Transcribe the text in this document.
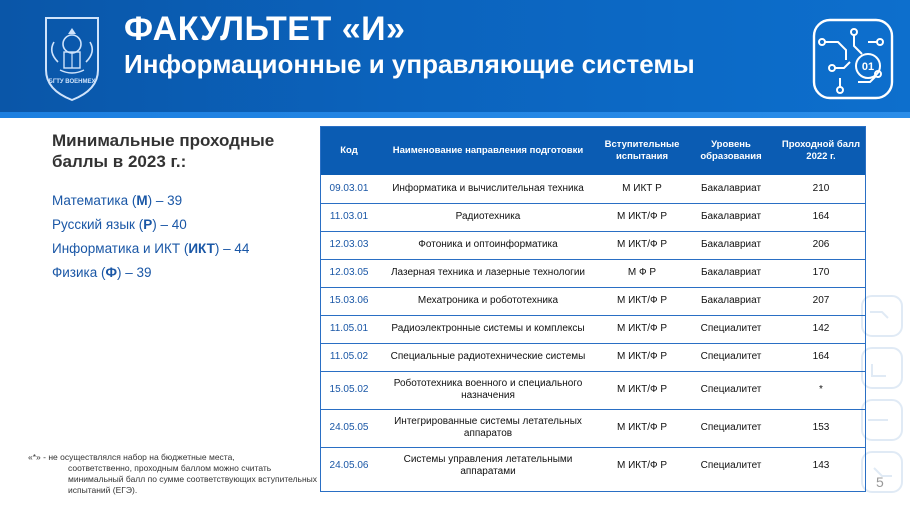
БГТУ ВОЕНМЕХ
ФАКУЛЬТЕТ «И»
Информационные и управляющие системы	01
Минимальные проходные баллы в 2023 г.:
Математика (М) – 39
Русский язык (Р) – 40
Информатика и ИКТ (ИКТ) – 44
Физика (Ф) – 39
«*» - не осуществлялся набор на бюджетные места,
соответственно, проходным баллом можно считать минимальный балл по сумме соответствующих вступительных испытаний (ЕГЭ).
Код	Наименование направления подготовки	Вступительные испытания	Уровень образования	Проходной балл 2022 г.
09.03.01	Информатика и вычислительная техника	М ИКТ Р	Бакалавриат	210
11.03.01	Радиотехника	М ИКТ/Ф Р	Бакалавриат	164
12.03.03	Фотоника и оптоинформатика	М ИКТ/Ф Р	Бакалавриат	206
12.03.05	Лазерная техника и лазерные технологии	М Ф Р	Бакалавриат	170
15.03.06	Мехатроника и робототехника	М ИКТ/Ф Р	Бакалавриат	207
11.05.01	Радиоэлектронные системы и комплексы	М ИКТ/Ф Р	Специалитет	142
11.05.02	Специальные радиотехнические системы	М ИКТ/Ф Р	Специалитет	164
15.05.02	Робототехника военного и специального назначения	М ИКТ/Ф Р	Специалитет	*
24.05.05	Интегрированные системы летательных аппаратов	М ИКТ/Ф Р	Специалитет	153
24.05.06	Системы управления летательными аппаратами	М ИКТ/Ф Р	Специалитет	143
5
